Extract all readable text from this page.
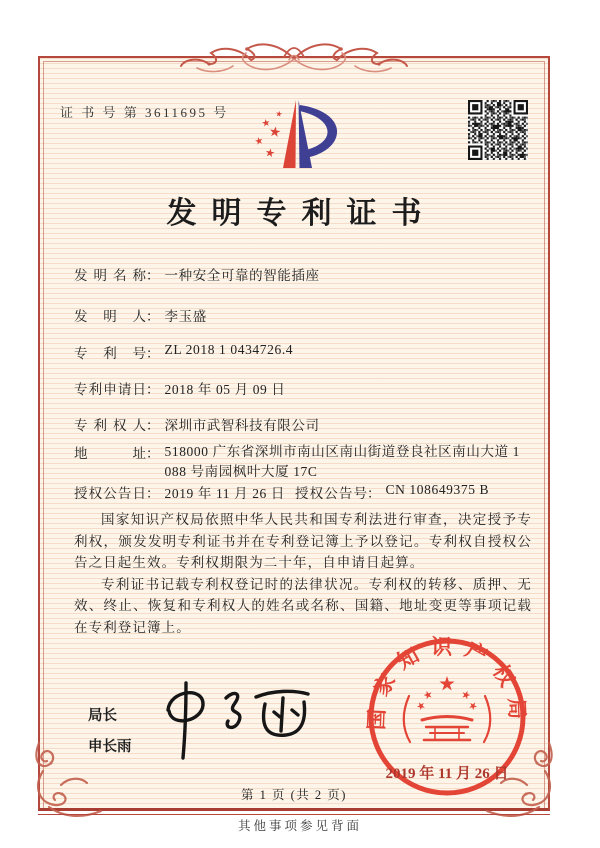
证 书 号 第 3611695 号
发明专利证书
发明名称： 一种安全可靠的智能插座
发明人： 李玉盛
专利号： ZL 2018 1 0434726.4
专利申请日： 2018 年 05 月 09 日
专利权人： 深圳市武智科技有限公司
地址： 518000 广东省深圳市南山区南山街道登良社区南山大道 1
088 号南园枫叶大厦 17C
授权公告日： 2019 年 11 月 26 日 授权公告号： CN 108649375 B

国家知识产权局依照中华人民共和国专利法进行审查，决定授予专利权，颁发发明专利证书并在专利登记簿上予以登记。专利权自授权公告之日起生效。专利权期限为二十年，自申请日起算。

专利证书记载专利权登记时的法律状况。专利权的转移、质押、无效、终止、恢复和专利权人的姓名或名称、国籍、地址变更等事项记载在专利登记簿上。

局长
申长雨
国家知识产权局
2019 年 11 月 26 日
第 1 页 (共 2 页)
其他事项参见背面
